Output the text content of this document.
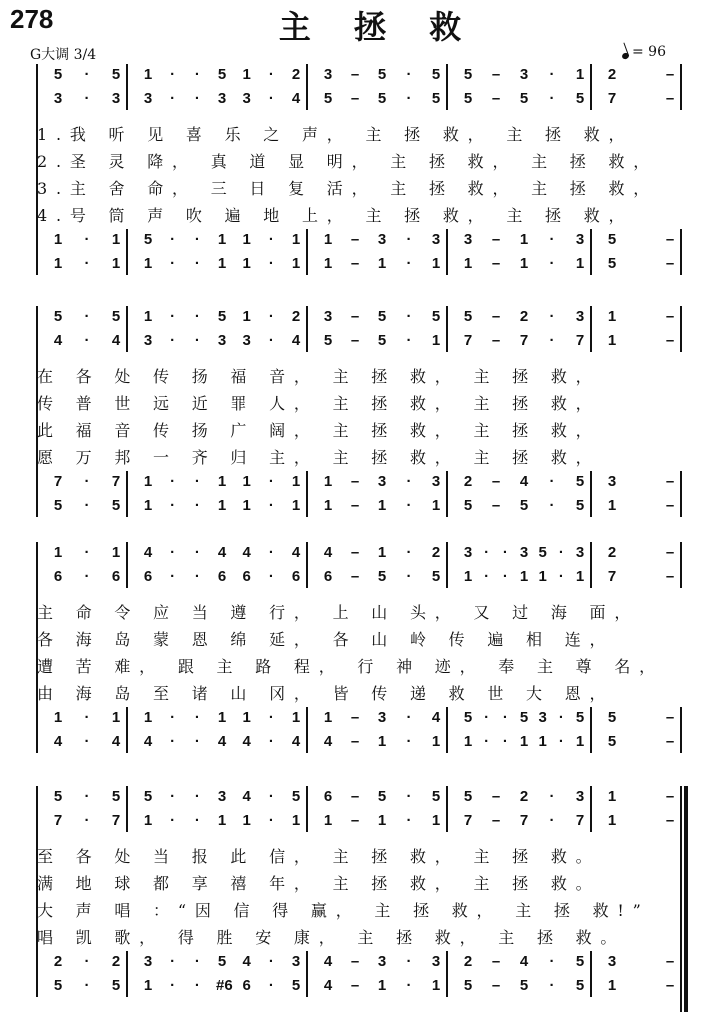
278	主 拯 救
G大调 3/4	= 96
5 · 5 1 · · 5 1 · 2 3 – 5 · 5 5 – 3 · 1 2	–
3 · 3 3 · · 3 3 · 4 5 – 5 · 5 5 – 5 · 5 7	–
1.我 听 见 喜 乐 之 声， 主 拯 救， 主 拯 救，
2.圣 灵 降， 真 道 显 明， 主 拯 救， 主 拯 救，
3.主 舍 命， 三 日 复 活， 主 拯 救， 主 拯 救，
4.号 筒 声 吹 遍 地 上， 主 拯 救， 主 拯 救，
1 · 1 5 · · 1 1 · 1 1 – 3 · 3 3 – 1 · 3 5	–
1 · 1 1 · · 1 1 · 1 1 – 1 · 1 1 – 1 · 1 5	–
5 · 5 1 · · 5 1 · 2 3 – 5 · 5 5 – 2 · 3 1	–
4 · 4 3 · · 3 3 · 4 5 – 5 · 1 7 – 7 · 7 1	–
在 各 处 传 扬 福 音， 主 拯 救， 主 拯 救，
传 普 世 远 近 罪 人， 主 拯 救， 主 拯 救，
此 福 音 传 扬 广 阔， 主 拯 救， 主 拯 救，
愿 万 邦 一 齐 归 主， 主 拯 救， 主 拯 救，
7 · 7 1 · · 1 1 · 1 1 – 3 · 3 2 – 4 · 5 3	–
5 · 5 1 · · 1 1 · 1 1 – 1 · 1 5 – 5 · 5 1	–
1 · 1 4 · · 4 4 · 4 4 – 1 · 2 3 · · 3 5 · 3 2	–
6 · 6 6 · · 6 6 · 6 6 – 5 · 5 1 · · 1 1 · 1 7	–
主 命 令 应 当 遵 行， 上 山 头， 又 过 海 面，
各 海 岛 蒙 恩 绵 延， 各 山 岭 传 遍 相 连，
遭 苦 难， 跟 主 路 程， 行 神 迹， 奉 主 尊 名，
由 海 岛 至 诸 山 冈， 皆 传 递 救 世 大 恩，
1 · 1 1 · · 1 1 · 1 1 – 3 · 4 5 · · 5 3 · 5 5	–
4 · 4 4 · · 4 4 · 4 4 – 1 · 1 1 · · 1 1 · 1 5	–
5 · 5 5 · · 3 4 · 5 6 – 5 · 5 5 – 2 · 3 1	–
7 · 7 1 · · 1 1 · 1 1 – 1 · 1 7 – 7 · 7 1	–
至 各 处 当 报 此 信， 主 拯 救， 主 拯 救。
满 地 球 都 享 禧 年， 主 拯 救， 主 拯 救。
大 声 唱 ：“因 信 得 赢， 主 拯 救， 主 拯 救!”
唱 凯 歌， 得 胜 安 康， 主 拯 救， 主 拯 救。
2 · 2 3 · · 5 4 · 3 4 – 3 · 3 2 – 4 · 5 3	–
5 · 5 1 · · #6 6 · 5 4 – 1 · 1 5 – 5 · 5 1	–
